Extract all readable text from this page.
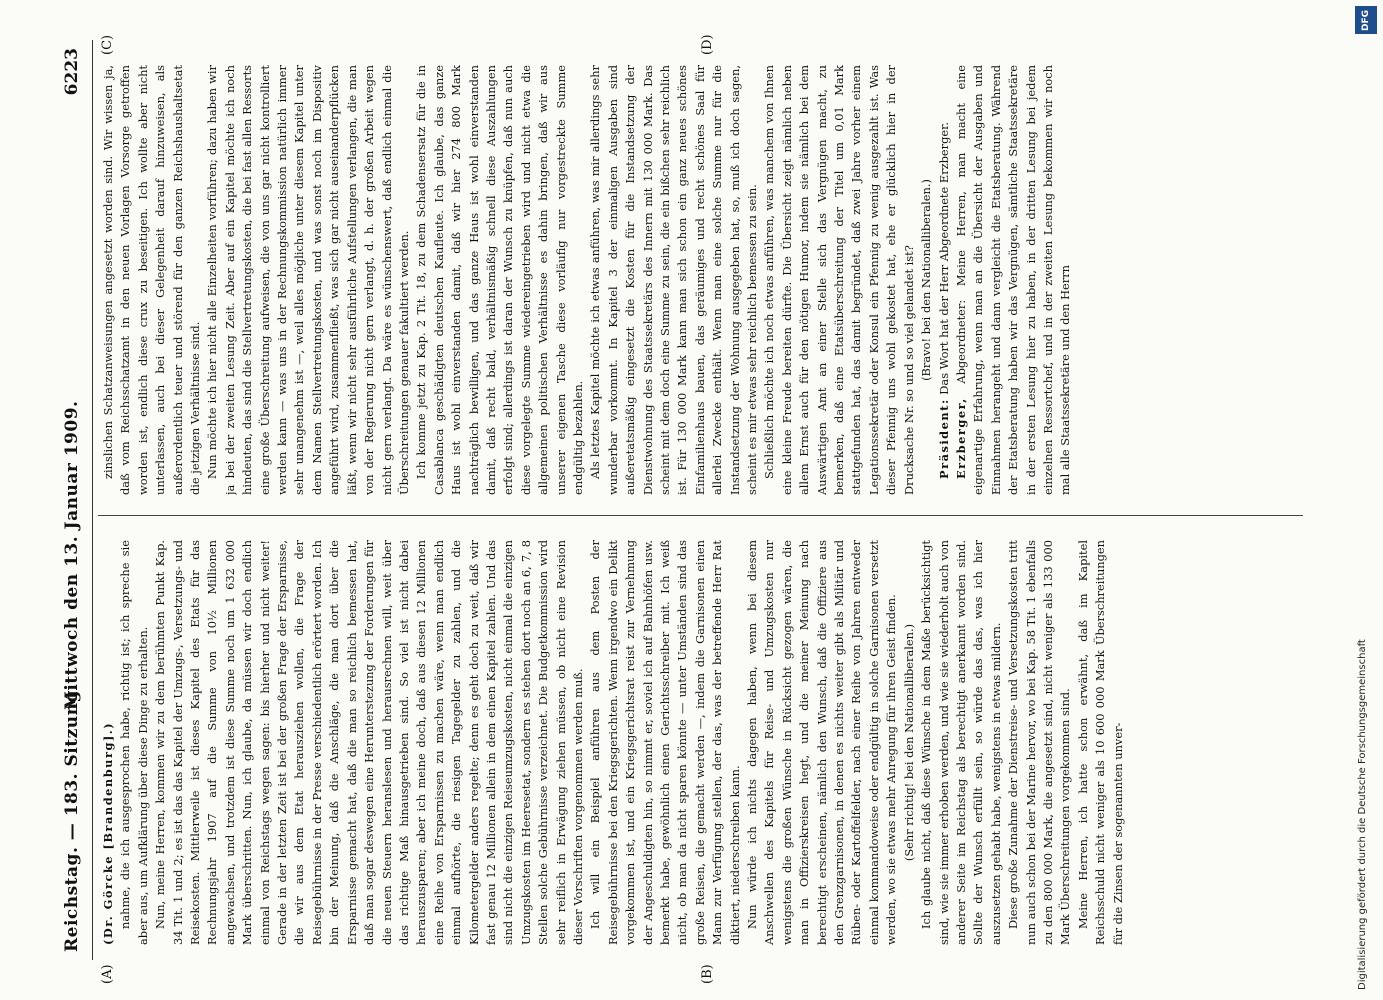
Reichstag. — 183. Sitzung.
Mittwoch den 13. Januar 1909.
6223
(A)	(B)
(C)	(D)

(Dr. Görcke [Brandenburg].) nahme, die ich ausgesprochen habe, richtig ist; ich spreche sie aber aus, um Aufklärung über diese Dinge zu erhalten. Nun, meine Herren, kommen wir zu dem berühmten Punkt Kap. 34 Tit. 1 und 2; es ist das das Kapitel der Umzugs-, Versetzungs- und Reisekosten. Mittlerweile ist dieses Kapitel des Etats für das Rechnungsjahr 1907 auf die Summe von 10½ Millionen angewachsen, und trotzdem ist diese Summe noch um 1 632 000 Mark überschritten. Nun, ich glaube, da müssen wir doch endlich einmal von Reichstags wegen sagen: bis hierher und nicht weiter! Gerade in der letzten Zeit ist bei der großen Frage der Ersparnisse, die wir aus dem Etat herausziehen wollen, die Frage der Reisegebührnisse in der Presse verschiedentlich erörtert worden. Ich bin der Meinung, daß die Anschläge, die man dort über die Ersparnisse gemacht hat, daß die man so reichlich bemessen hat, daß man sogar deswegen eine Herunterstezung der Forderungen für die neuen Steuern heranslesen und herausrechnen will, weit über das richtige Maß hinausgetrieben sind. So viel ist nicht dabei herauszusparen; aber ich meine doch, daß aus diesen 12 Millionen eine Reihe von Ersparnissen zu machen wäre, wenn man endlich einmal aufhörte, die riesigen Tagegelder zu zahlen, und die Kilometergelder anders regelte; denn es geht doch zu weit, daß wir fast genau 12 Millionen allein in dem einen Kapitel zahlen. Und das sind nicht die einzigen Reiseumzugskosten, nicht einmal die einzigen Umzugskosten im Heeresetat, sondern es stehen dort noch an 6, 7, 8 Stellen solche Gebührnisse verzeichnet. Die Budgetkommission wird sehr reiflich in Erwägung ziehen müssen, ob nicht eine Revision dieser Vorschriften vorgenommen werden muß. Ich will ein Beispiel anführen aus dem Posten der Reisegebührnisse bei den Kriegsgerichten. Wenn irgendwo ein Delikt vorgekommen ist, und ein Kriegsgerichtsrat reist zur Vernehmung der Angeschuldigten hin, so nimmt er, soviel ich auf Bahnhöfen usw. bemerkt habe, gewöhnlich einen Gerichtsschreiber mit. Ich weiß nicht, ob man da nicht sparen könnte — unter Umständen sind das große Reisen, die gemacht werden —, indem die Garnisonen einen Mann zur Verfügung stellen, der das, was der betreffende Herr Rat diktiert, niederschreiben kann. Nun würde ich nichts dagegen haben, wenn bei diesem Anschwellen des Kapitels für Reise- und Umzugskosten nur wenigstens die großen Wünsche in Rücksicht gezogen wären, die man in Offizierskreisen hegt, und die meiner Meinung nach berechtigt erscheinen, nämlich den Wunsch, daß die Offiziere aus den Grenzgarnisonen, in denen es nichts weiter gibt als Militär und Rüben- oder Kartoffelfelder, nach einer Reihe von Jahren entweder einmal kommandoweise oder endgültig in solche Garnisonen versetzt werden, wo sie etwas mehr Anregung für ihren Geist finden. (Sehr richtig! bei den Nationalliberalen.) Ich glaube nicht, daß diese Wünsche in dem Maße berücksichtigt sind, wie sie immer erhoben werden, und wie sie wiederholt auch von anderer Seite im Reichstag als berechtigt anerkannt worden sind. Sollte der Wunsch erfüllt sein, so würde das das, was ich hier auszusetzen gehabt habe, wenigstens in etwas mildern. Diese große Zunahme der Dienstreise- und Versetzungskosten tritt nun auch schon bei der Marine hervor, wo bei Kap. 58 Tit. 1 ebenfalls zu den 800 000 Mark, die angesetzt sind, nicht weniger als 133 000 Mark Überschreitungen vorgekommen sind. Meine Herren, ich hatte schon erwähnt, daß im Kapitel Reichsschuld nicht weniger als 10 600 000 Mark Überschreitungen für die Zinsen der sogenannten unver-

zinslichen Schatzanweisungen angesetzt worden sind. Wir wissen ja, daß vom Reichsschatzamt in den neuen Vorlagen Vorsorge getroffen worden ist, endlich diese crux zu beseitigen. Ich wollte aber nicht unterlassen, auch bei dieser Gelegenheit darauf hinzuweisen, als außerordentlich teuer und störend für den ganzen Reichshaushaltsetat die jetzigen Verhältnisse sind. Nun möchte ich hier nicht alle Einzelheiten vorführen; dazu haben wir ja bei der zweiten Lesung Zeit. Aber auf ein Kapitel möchte ich noch hindeuten, das sind die Stellvertretungskosten, die bei fast allen Ressorts eine große Überschreitung aufweisen, die von uns gar nicht kontrolliert werden kann — was uns in der Rechnungskommission natürlich immer sehr unangenehm ist —, weil alles mögliche unter diesem Kapitel unter dem Namen Stellvertretungskosten, und was sonst noch im Dispositiv angeführt wird, zusammenfließt, was sich gar nicht auseinanderpflücken läßt, wenn wir nicht sehr ausführliche Aufstellungen verlangen, die man von der Regierung nicht gern verlangt, d. h. der großen Arbeit wegen nicht gern verlangt. Da wäre es wünschenswert, daß endlich einmal die Überschreitungen genauer fakultiert werden. Ich komme jetzt zu Kap. 2 Tit. 18, zu dem Schadensersatz für die in Casablanca geschädigten deutschen Kaufleute. Ich glaube, das ganze Haus ist wohl einverstanden damit, daß wir hier 274 800 Mark nachträglich bewilligen, und das ganze Haus ist wohl einverstanden damit, daß recht bald, verhältnismäßig schnell diese Auszahlungen erfolgt sind; allerdings ist daran der Wunsch zu knüpfen, daß nun auch diese vorgelegte Summe wiedereingetrieben wird und nicht etwa die allgemeinen politischen Verhältnisse es dahin bringen, daß wir aus unserer eigenen Tasche diese vorläufig nur vorgestreckte Summe endgültig bezahlen. Als letztes Kapitel möchte ich etwas anführen, was mir allerdings sehr wunderbar vorkommt. In Kapitel 3 der einmaligen Ausgaben sind außeretatsmäßig eingesetzt die Kosten für die Instandsetzung der Dienstwohnung des Staatssekretärs des Innern mit 130 000 Mark. Das scheint mit dem doch eine Summe zu sein, die ein bißchen sehr reichlich ist. Für 130 000 Mark kann man sich schon ein ganz neues schönes Einfamilienhaus bauen, das geräumiges und recht schönes Saal für allerlei Zwecke enthält. Wenn man eine solche Summe nur für die Instandsetzung der Wohnung ausgegeben hat, so, muß ich doch sagen, scheint es mir etwas sehr reichlich bemessen zu sein. Schließlich möchte ich noch etwas anführen, was manchem von Ihnen eine kleine Freude bereiten dürfte. Die Übersicht zeigt nämlich neben allem Ernst auch für den nötigen Humor, indem sie nämlich bei dem Auswärtigen Amt an einer Stelle sich das Vergnügen macht, zu bemerken, daß eine Etatsüberschreitung der Titel um 0,01 Mark stattgefunden hat, das damit begründet, daß zwei Jahre vorher einem Legationssekretär oder Konsul ein Pfennig zu wenig ausgezahlt ist. Was dieser Pfennig uns wohl gekostet hat, ehe er glücklich hier in der Drucksache Nr. so und so viel gelandet ist? (Bravo! bei den Nationalliberalen.)

Präsident: Das Wort hat der Herr Abgeordnete Erzberger.

Erzberger, Abgeordneter: Meine Herren, man macht eine eigenartige Erfahrung, wenn man an die Übersicht der Ausgaben und Einnahmen herangeht und dann vergleicht die Etatsberatung. Während der Etatsberatung haben wir das Vergnügen, sämtliche Staatssekretäre in der ersten Lesung hier zu haben, in der dritten Lesung bei jedem einzelnen Ressortchef, und in der zweiten Lesung bekommen wir noch mal alle Staatssekretäre und den Herrn

DFG
Digitalisierung gefördert durch die Deutsche Forschungsgemeinschaft
